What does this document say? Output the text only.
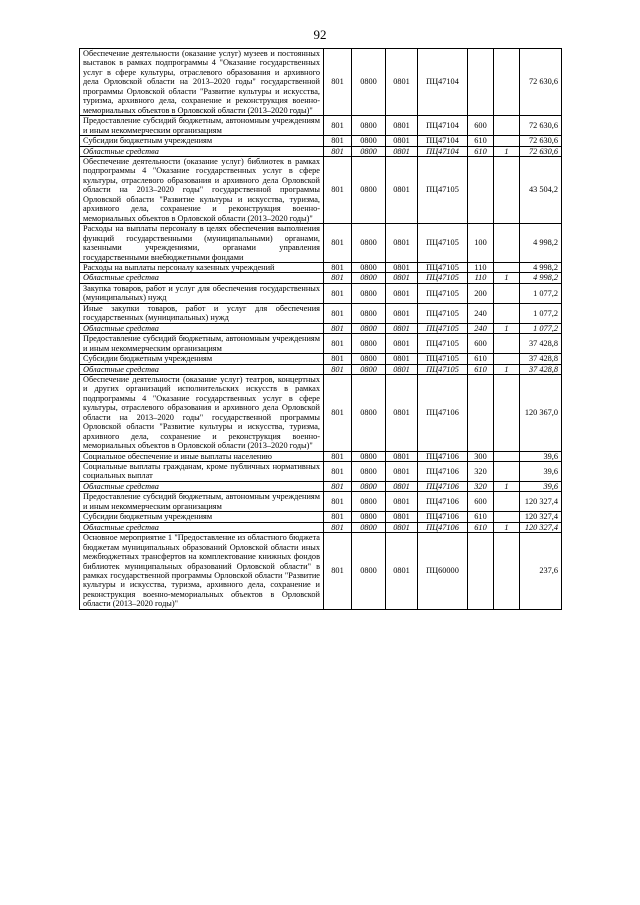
92
Обеспечение деятельности (оказание услуг) музеев и постоянных выставок в рамках подпрограммы 4 "Оказание государственных услуг в сфере культуры, отраслевого образования и архивного дела Орловской области на 2013–2020 годы" государственной программы Орловской области "Развитие культуры и искусства, туризма, архивного дела, сохранение и реконструкция военно-мемориальных объектов в Орловской области (2013–2020 годы)"	801	0800	0801	ПЦ47104			72 630,6
Предоставление субсидий бюджетным, автономным учреждениям и иным некоммерческим организациям	801	0800	0801	ПЦ47104	600		72 630,6
Субсидии бюджетным учреждениям	801	0800	0801	ПЦ47104	610		72 630,6
Областные средства	801	0800	0801	ПЦ47104	610	1	72 630,6
Обеспечение деятельности (оказание услуг) библиотек в рамках подпрограммы 4 "Оказание государственных услуг в сфере культуры, отраслевого образования и архивного дела Орловской области на 2013–2020 годы" государственной программы Орловской области "Развитие культуры и искусства, туризма, архивного дела, сохранение и реконструкция военно-мемориальных объектов в Орловской области (2013–2020 годы)"	801	0800	0801	ПЦ47105			43 504,2
Расходы на выплаты персоналу в целях обеспечения выполнения функций государственными (муниципальными) органами, казенными учреждениями, органами управления государственными внебюджетными фондами	801	0800	0801	ПЦ47105	100		4 998,2
Расходы на выплаты персоналу казенных учреждений	801	0800	0801	ПЦ47105	110		4 998,2
Областные средства	801	0800	0801	ПЦ47105	110	1	4 998,2
Закупка товаров, работ и услуг для обеспечения государственных (муниципальных) нужд	801	0800	0801	ПЦ47105	200		1 077,2
Иные закупки товаров, работ и услуг для обеспечения государственных (муниципальных) нужд	801	0800	0801	ПЦ47105	240		1 077,2
Областные средства	801	0800	0801	ПЦ47105	240	1	1 077,2
Предоставление субсидий бюджетным, автономным учреждениям и иным некоммерческим организациям	801	0800	0801	ПЦ47105	600		37 428,8
Субсидии бюджетным учреждениям	801	0800	0801	ПЦ47105	610		37 428,8
Областные средства	801	0800	0801	ПЦ47105	610	1	37 428,8
Обеспечение деятельности (оказание услуг) театров, концертных и других организаций исполнительских искусств в рамках подпрограммы 4 "Оказание государственных услуг в сфере культуры, отраслевого образования и архивного дела Орловской области на 2013–2020 годы" государственной программы Орловской области "Развитие культуры и искусства, туризма, архивного дела, сохранение и реконструкция военно-мемориальных объектов в Орловской области (2013–2020 годы)"	801	0800	0801	ПЦ47106			120 367,0
Социальное обеспечение и иные выплаты населению	801	0800	0801	ПЦ47106	300		39,6
Социальные выплаты гражданам, кроме публичных нормативных социальных выплат	801	0800	0801	ПЦ47106	320		39,6
Областные средства	801	0800	0801	ПЦ47106	320	1	39,6
Предоставление субсидий бюджетным, автономным учреждениям и иным некоммерческим организациям	801	0800	0801	ПЦ47106	600		120 327,4
Субсидии бюджетным учреждениям	801	0800	0801	ПЦ47106	610		120 327,4
Областные средства	801	0800	0801	ПЦ47106	610	1	120 327,4
Основное мероприятие 1 "Предоставление из областного бюджета бюджетам муниципальных образований Орловской области иных межбюджетных трансфертов на комплектование книжных фондов библиотек муниципальных образований Орловской области" в рамках государственной программы Орловской области "Развитие культуры и искусства, туризма, архивного дела, сохранение и реконструкция военно-мемориальных объектов в Орловской области (2013–2020 годы)"	801	0800	0801	ПЦ60000			237,6
